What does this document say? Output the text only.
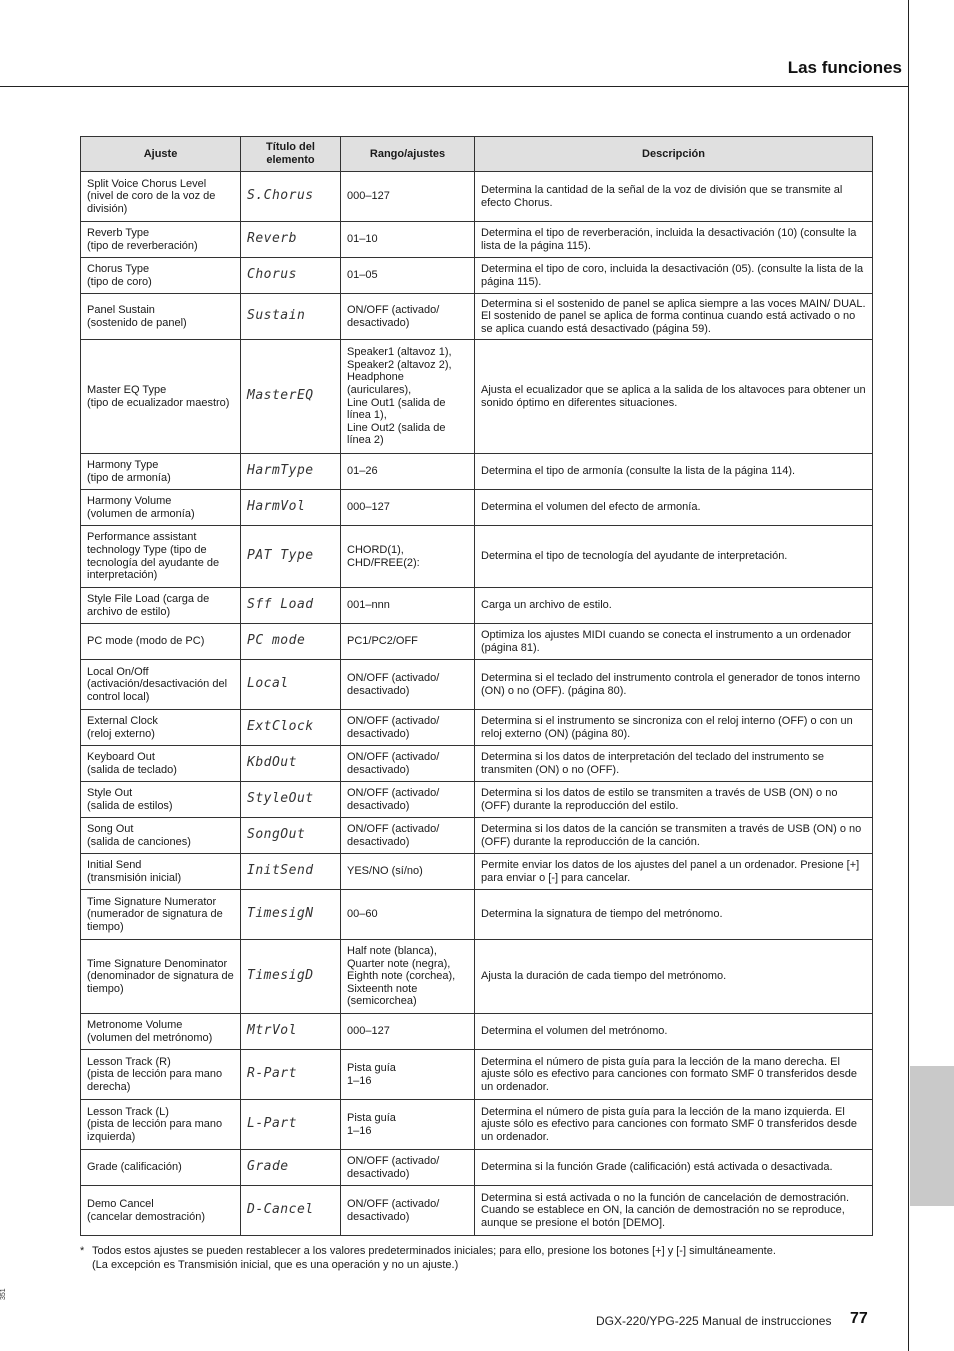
Las funciones
Ajuste	Título del elemento	Rango/ajustes	Descripción
Split Voice Chorus Level
(nivel de coro de la voz de división)	S.Chorus	000–127	Determina la cantidad de la señal de la voz de división que se transmite al efecto Chorus.
Reverb Type
(tipo de reverberación)	Reverb	01–10	Determina el tipo de reverberación, incluida la desactivación (10) (consulte la lista de la página 115).
Chorus Type
(tipo de coro)	Chorus	01–05	Determina el tipo de coro, incluida la desactivación (05). (consulte la lista de la página 115).
Panel Sustain
(sostenido de panel)	Sustain	ON/OFF (activado/ desactivado)	Determina si el sostenido de panel se aplica siempre a las voces MAIN/ DUAL. El sostenido de panel se aplica de forma continua cuando está activado o no se aplica cuando está desactivado (página 59).
Master EQ Type
(tipo de ecualizador maestro)	MasterEQ	Speaker1 (altavoz 1),
Speaker2 (altavoz 2),
Headphone (auriculares),
Line Out1 (salida de línea 1),
Line Out2 (salida de línea 2)	Ajusta el ecualizador que se aplica a la salida de los altavoces para obtener un sonido óptimo en diferentes situaciones.
Harmony Type
(tipo de armonía)	HarmType	01–26	Determina el tipo de armonía (consulte la lista de la página 114).
Harmony Volume
(volumen de armonía)	HarmVol	000–127	Determina el volumen del efecto de armonía.
Performance assistant technology Type (tipo de tecnología del ayudante de interpretación)	PAT Type	CHORD(1),
CHD/FREE(2):	Determina el tipo de tecnología del ayudante de interpretación.
Style File Load (carga de archivo de estilo)	Sff Load	001–nnn	Carga un archivo de estilo.
PC mode (modo de PC)	PC mode	PC1/PC2/OFF	Optimiza los ajustes MIDI cuando se conecta el instrumento a un ordenador (página 81).
Local On/Off
(activación/desactivación del control local)	Local	ON/OFF (activado/ desactivado)	Determina si el teclado del instrumento controla el generador de tonos interno (ON) o no (OFF). (página 80).
External Clock
(reloj externo)	ExtClock	ON/OFF (activado/ desactivado)	Determina si el instrumento se sincroniza con el reloj interno (OFF) o con un reloj externo (ON) (página 80).
Keyboard Out
(salida de teclado)	KbdOut	ON/OFF (activado/ desactivado)	Determina si los datos de interpretación del teclado del instrumento se transmiten (ON) o no (OFF).
Style Out
(salida de estilos)	StyleOut	ON/OFF (activado/ desactivado)	Determina si los datos de estilo se transmiten a través de USB (ON) o no (OFF) durante la reproducción del estilo.
Song Out
(salida de canciones)	SongOut	ON/OFF (activado/ desactivado)	Determina si los datos de la canción se transmiten a través de USB (ON) o no (OFF) durante la reproducción de la canción.
Initial Send
(transmisión inicial)	InitSend	YES/NO (sí/no)	Permite enviar los datos de los ajustes del panel a un ordenador. Presione [+] para enviar o [-] para cancelar.
Time Signature Numerator (numerador de signatura de tiempo)	TimesigN	00–60	Determina la signatura de tiempo del metrónomo.
Time Signature Denominator (denominador de signatura de tiempo)	TimesigD	Half note (blanca),
Quarter note (negra),
Eighth note (corchea),
Sixteenth note (semicorchea)	Ajusta la duración de cada tiempo del metrónomo.
Metronome Volume
(volumen del metrónomo)	MtrVol	000–127	Determina el volumen del metrónomo.
Lesson Track (R)
(pista de lección para mano derecha)	R-Part	Pista guía
1–16	Determina el número de pista guía para la lección de la mano derecha. El ajuste sólo es efectivo para canciones con formato SMF 0 transferidos desde un ordenador.
Lesson Track (L)
(pista de lección para mano izquierda)	L-Part	Pista guía
1–16	Determina el número de pista guía para la lección de la mano izquierda. El ajuste sólo es efectivo para canciones con formato SMF 0 transferidos desde un ordenador.
Grade (calificación)	Grade	ON/OFF (activado/ desactivado)	Determina si la función Grade (calificación) está activada o desactivada.
Demo Cancel
(cancelar demostración)	D-Cancel	ON/OFF (activado/ desactivado)	Determina si está activada o no la función de cancelación de demostración. Cuando se establece en ON, la canción de demostración no se reproduce, aunque se presione el botón [DEMO].
* Todos estos ajustes se pueden restablecer a los valores predeterminados iniciales; para ello, presione los botones [+] y [-] simultáneamente.
(La excepción es Transmisión inicial, que es una operación y no un ajuste.)
351
DGX-220/YPG-225 Manual de instrucciones 77
